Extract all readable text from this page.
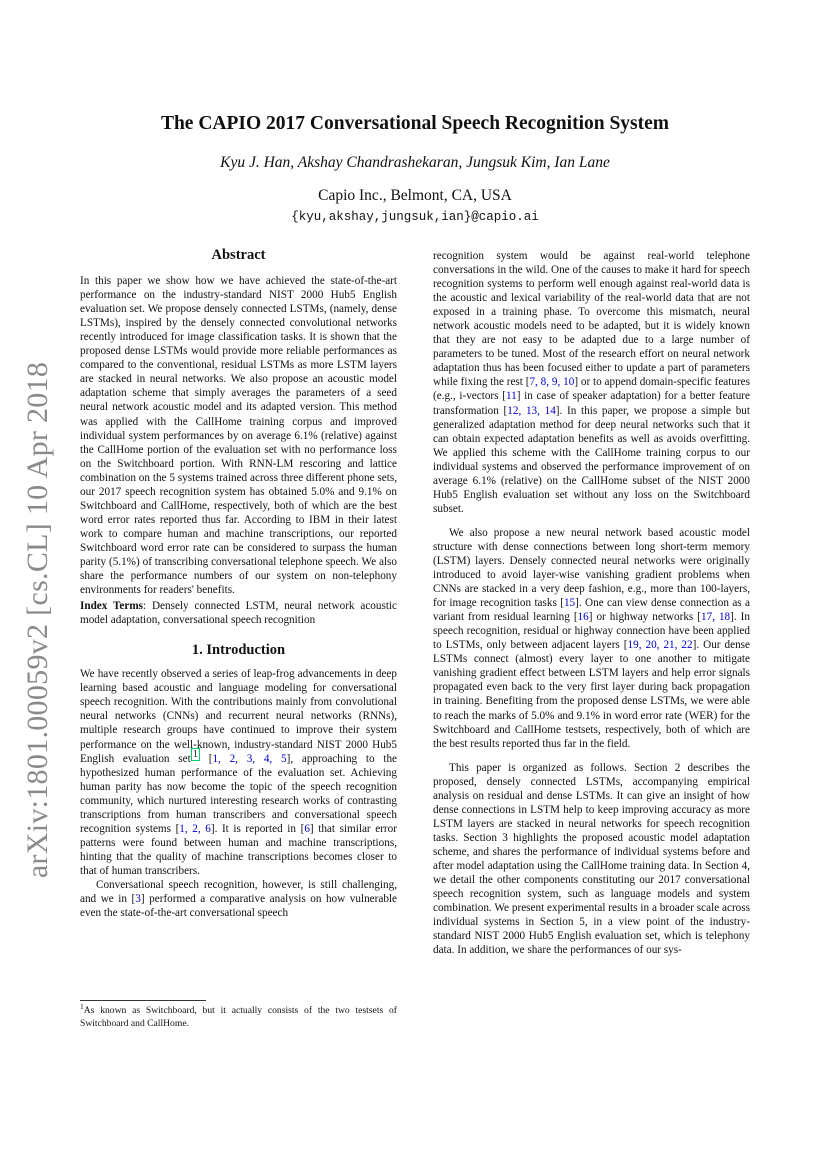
arXiv:1801.00059v2 [cs.CL] 10 Apr 2018
The CAPIO 2017 Conversational Speech Recognition System
Kyu J. Han, Akshay Chandrashekaran, Jungsuk Kim, Ian Lane
Capio Inc., Belmont, CA, USA
{kyu,akshay,jungsuk,ian}@capio.ai
Abstract

In this paper we show how we have achieved the state-of-the-art performance on the industry-standard NIST 2000 Hub5 English evaluation set. We propose densely connected LSTMs, (namely, dense LSTMs), inspired by the densely connected convolutional networks recently introduced for image classification tasks. It is shown that the proposed dense LSTMs would provide more reliable performances as compared to the conventional, residual LSTMs as more LSTM layers are stacked in neural networks. We also propose an acoustic model adaptation scheme that simply averages the parameters of a seed neural network acoustic model and its adapted version. This method was applied with the CallHome training corpus and improved individual system performances by on average 6.1% (relative) against the CallHome portion of the evaluation set with no performance loss on the Switchboard portion. With RNN-LM rescoring and lattice combination on the 5 systems trained across three different phone sets, our 2017 speech recognition system has obtained 5.0% and 9.1% on Switchboard and CallHome, respectively, both of which are the best word error rates reported thus far. According to IBM in their latest work to compare human and machine transcriptions, our reported Switchboard word error rate can be considered to surpass the human parity (5.1%) of transcribing conversational telephone speech. We also share the performance numbers of our system on non-telephony environments for readers' benefits.

Index Terms: Densely connected LSTM, neural network acoustic model adaptation, conversational speech recognition

1. Introduction

We have recently observed a series of leap-frog advancements in deep learning based acoustic and language modeling for conversational speech recognition. With the contributions mainly from convolutional neural networks (CNNs) and recurrent neural networks (RNNs), multiple research groups have continued to improve their system performance on the well-known, industry-standard NIST 2000 Hub5 English evaluation set $^1$ [1, 2, 3, 4, 5], approaching to the hypothesized human performance of the evaluation set. Achieving human parity has now become the topic of the speech recognition community, which nurtured interesting research works of contrasting transcriptions from human transcribers and conversational speech recognition systems [1, 2, 6]. It is reported in [6] that similar error patterns were found between human and machine transcriptions, hinting that the quality of machine transcriptions becomes closer to that of human transcribers.

Conversational speech recognition, however, is still challenging, and we in [3] performed a comparative analysis on how vulnerable even the state-of-the-art conversational speech

recognition system would be against real-world telephone conversations in the wild. One of the causes to make it hard for speech recognition systems to perform well enough against real-world data is the acoustic and lexical variability of the real-world data that are not exposed in a training phase. To overcome this mismatch, neural network acoustic models need to be adapted, but it is widely known that they are not easy to be adapted due to a large number of parameters to be tuned. Most of the research effort on neural network adaptation thus has been focused either to update a part of parameters while fixing the rest [7, 8, 9, 10] or to append domain-specific features (e.g., i-vectors [11] in case of speaker adaptation) for a better feature transformation [12, 13, 14]. In this paper, we propose a simple but generalized adaptation method for deep neural networks such that it can obtain expected adaptation benefits as well as avoids overfitting. We applied this scheme with the CallHome training corpus to our individual systems and observed the performance improvement of on average 6.1% (relative) on the CallHome subset of the NIST 2000 Hub5 English evaluation set without any loss on the Switchboard subset.

We also propose a new neural network based acoustic model structure with dense connections between long short-term memory (LSTM) layers. Densely connected neural networks were originally introduced to avoid layer-wise vanishing gradient problems when CNNs are stacked in a very deep fashion, e.g., more than 100-layers, for image recognition tasks [15]. One can view dense connection as a variant from residual learning [16] or highway networks [17, 18]. In speech recognition, residual or highway connection have been applied to LSTMs, only between adjacent layers [19, 20, 21, 22]. Our dense LSTMs connect (almost) every layer to one another to mitigate vanishing gradient effect between LSTM layers and help error signals propagated even back to the very first layer during back propagation in training. Benefiting from the proposed dense LSTMs, we were able to reach the marks of 5.0% and 9.1% in word error rate (WER) for the Switchboard and CallHome testsets, respectively, both of which are the best results reported thus far in the field.

This paper is organized as follows. Section 2 describes the proposed, densely connected LSTMs, accompanying empirical analysis on residual and dense LSTMs. It can give an insight of how dense connections in LSTM help to keep improving accuracy as more LSTM layers are stacked in neural networks for speech recognition tasks. Section 3 highlights the proposed acoustic model adaptation scheme, and shares the performance of individual systems before and after model adaptation using the CallHome training data. In Section 4, we detail the other components constituting our 2017 conversational speech recognition system, such as language models and system combination. We present experimental results in a broader scale across individual systems in Section 5, in a view point of the industry-standard NIST 2000 Hub5 English evaluation set, which is telephony data. In addition, we share the performances of our sys-

$^1$As known as Switchboard, but it actually consists of the two testsets of Switchboard and CallHome.
